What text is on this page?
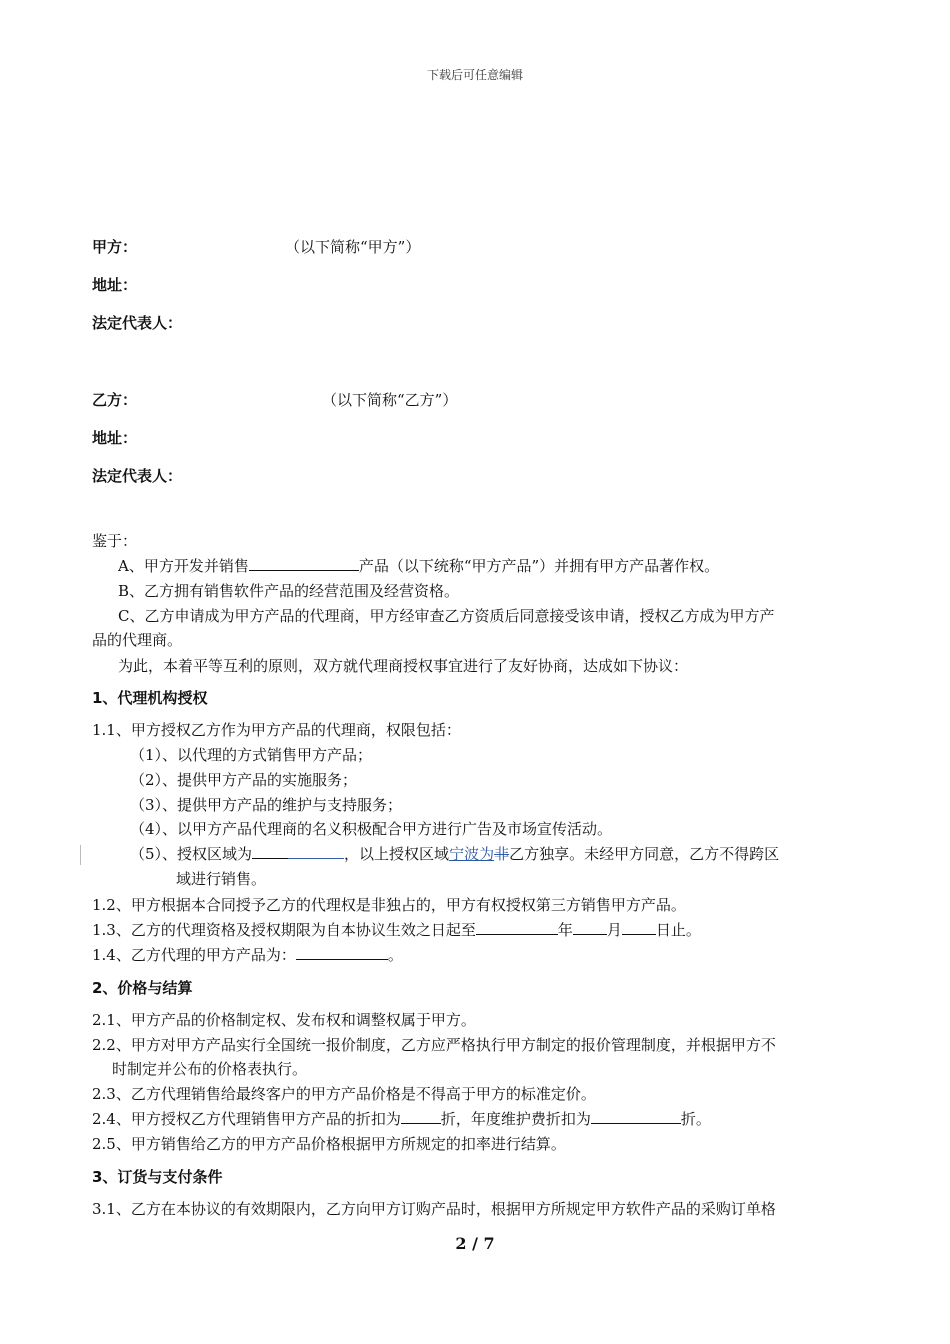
下载后可任意编辑
甲方：	（以下简称“甲方”）
地址：
法定代表人：
乙方：	（以下简称“乙方”）
地址：
法定代表人：
鉴于：
A、甲方开发并销售	产品（以下统称“甲方产品”）并拥有甲方产品著作权。
B、乙方拥有销售软件产品的经营范围及经营资格。
C、乙方申请成为甲方产品的代理商，甲方经审查乙方资质后同意接受该申请，授权乙方成为甲方产
品的代理商。
为此，本着平等互利的原则，双方就代理商授权事宜进行了友好协商，达成如下协议：
1、代理机构授权
1.1、甲方授权乙方作为甲方产品的代理商，权限包括：
（1）、以代理的方式销售甲方产品；
（2）、提供甲方产品的实施服务；
（3）、提供甲方产品的维护与支持服务；
（4）、以甲方产品代理商的名义积极配合甲方进行广告及市场宣传活动。
（5）、授权区域为	，以上授权区域宁波为非乙方独享。未经甲方同意，乙方不得跨区
域进行销售。
1.2、甲方根据本合同授予乙方的代理权是非独占的，甲方有权授权第三方销售甲方产品。
1.3、乙方的代理资格及授权期限为自本协议生效之日起至	年 月 日止。
1.4、乙方代理的甲方产品为：	。
2、价格与结算
2.1、甲方产品的价格制定权、发布权和调整权属于甲方。
2.2、甲方对甲方产品实行全国统一报价制度，乙方应严格执行甲方制定的报价管理制度，并根据甲方不
时制定并公布的价格表执行。
2.3、乙方代理销售给最终客户的甲方产品价格是不得高于甲方的标准定价。
2.4、甲方授权乙方代理销售甲方产品的折扣为	折，年度维护费折扣为	折。
2.5、甲方销售给乙方的甲方产品价格根据甲方所规定的扣率进行结算。
3、订货与支付条件
3.1、乙方在本协议的有效期限内，乙方向甲方订购产品时，根据甲方所规定甲方软件产品的采购订单格
2 / 7
